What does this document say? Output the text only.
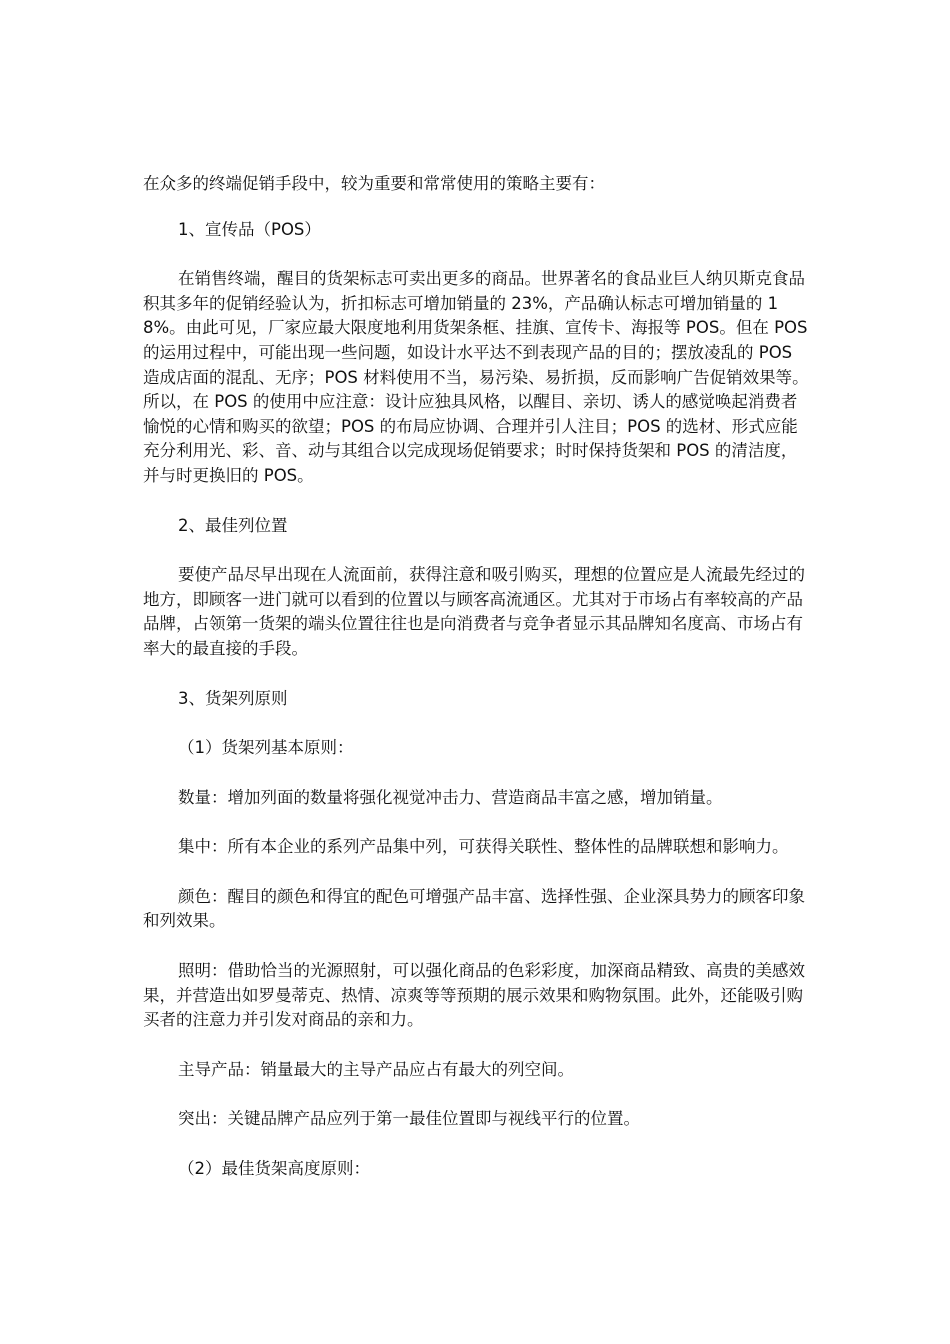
在众多的终端促销手段中，较为重要和常常使用的策略主要有：

1、宣传品（POS）

在销售终端，醒目的货架标志可卖出更多的商品。世界著名的食品业巨人纳贝斯克食品积其多年的促销经验认为，折扣标志可增加销量的 23%，产品确认标志可增加销量的 18%。由此可见，厂家应最大限度地利用货架条框、挂旗、宣传卡、海报等 POS。但在 POS 的运用过程中，可能出现一些问题，如设计水平达不到表现产品的目的；摆放凌乱的 POS 造成店面的混乱、无序；POS 材料使用不当，易污染、易折损，反而影响广告促销效果等。所以，在 POS 的使用中应注意：设计应独具风格，以醒目、亲切、诱人的感觉唤起消费者愉悦的心情和购买的欲望；POS 的布局应协调、合理并引人注目；POS 的选材、形式应能充分利用光、彩、音、动与其组合以完成现场促销要求；时时保持货架和 POS 的清洁度，并与时更换旧的 POS。

2、最佳列位置

要使产品尽早出现在人流面前，获得注意和吸引购买，理想的位置应是人流最先经过的地方，即顾客一进门就可以看到的位置以与顾客高流通区。尤其对于市场占有率较高的产品品牌，占领第一货架的端头位置往往也是向消费者与竞争者显示其品牌知名度高、市场占有率大的最直接的手段。

3、货架列原则

（1）货架列基本原则：

数量：增加列面的数量将强化视觉冲击力、营造商品丰富之感，增加销量。

集中：所有本企业的系列产品集中列，可获得关联性、整体性的品牌联想和影响力。

颜色：醒目的颜色和得宜的配色可增强产品丰富、选择性强、企业深具势力的顾客印象和列效果。

照明：借助恰当的光源照射，可以强化商品的色彩彩度，加深商品精致、高贵的美感效果，并营造出如罗曼蒂克、热情、凉爽等等预期的展示效果和购物氛围。此外，还能吸引购买者的注意力并引发对商品的亲和力。

主导产品：销量最大的主导产品应占有最大的列空间。

突出：关键品牌产品应列于第一最佳位置即与视线平行的位置。

（2）最佳货架高度原则：
